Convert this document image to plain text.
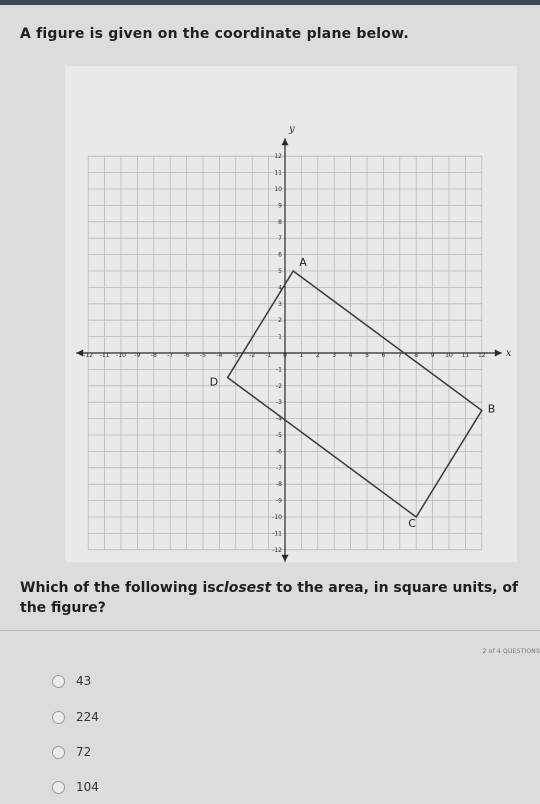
A figure is given on the coordinate plane below.
x
y
-12 -11 -10 -9 -8 -7 -6 -5 -4 -3 -2 -1 0 1 2 3 4 5 6 7 8 9 10 11 12
12
11
10
9
8
7
6
5
4
3
2
1
-1
-2
-3
-4
-5
-6
-7
-8
-9
-10
-11
-12
A
B
C
D
Which of the following isclosest to the area, in square units, of the figure?
2 of 4 QUESTIONS
43
224
72
104
